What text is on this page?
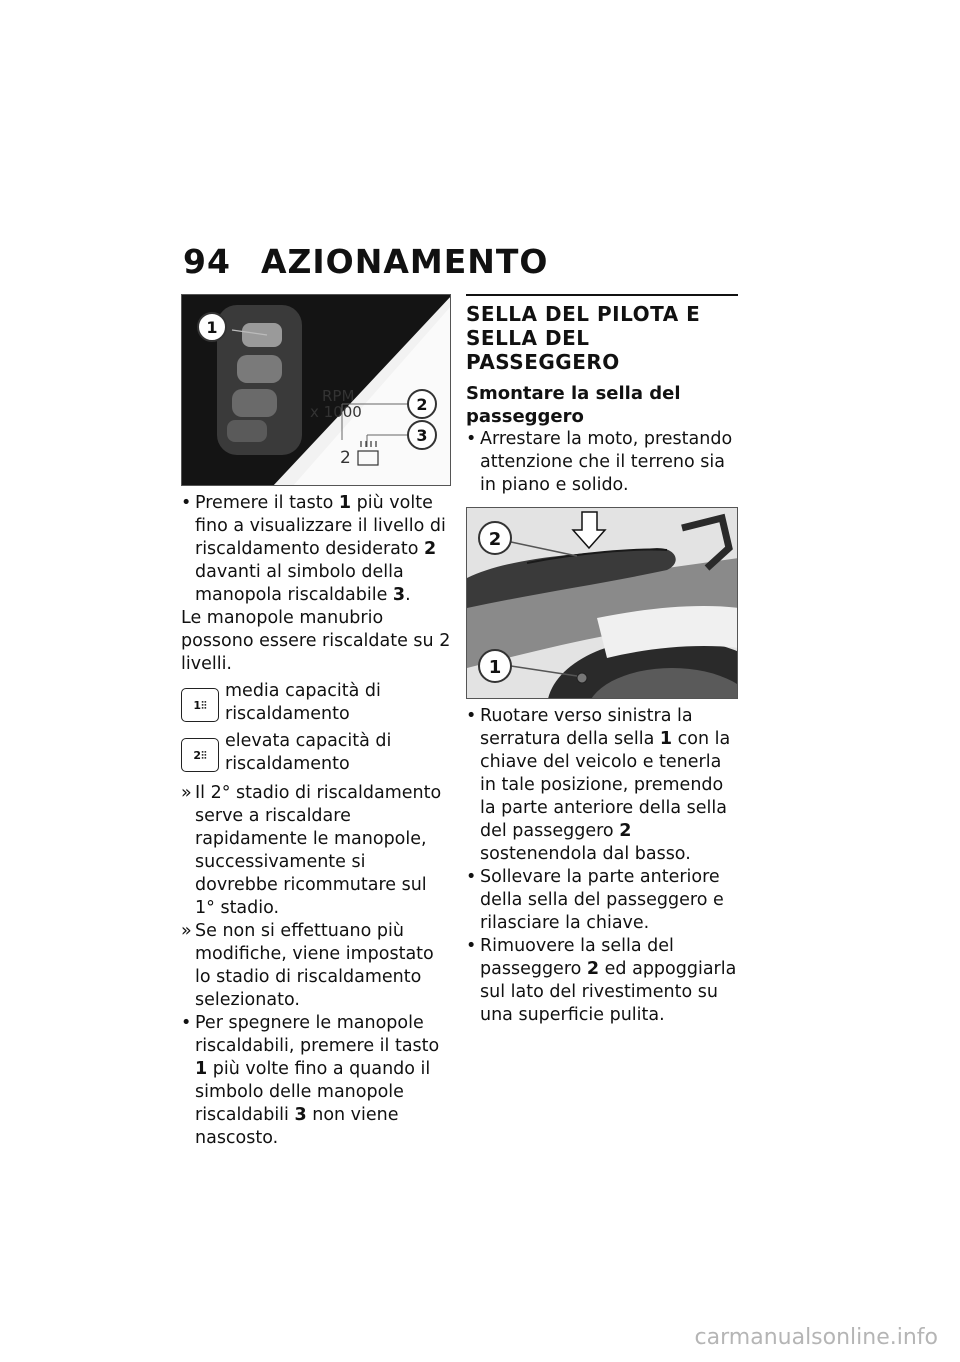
94 AZIONAMENTO
RPM
x 1000
2
1
2
3

• Premere il tasto 1 più volte fino a visualizzare il livello di riscaldamento desiderato 2 davanti al simbolo della manopola riscaldabile 3.

Le manopole manubrio possono essere riscaldate su 2 livelli.

1 ⫶⫶
media capacità di riscaldamento
2 ⫶⫶
elevata capacità di riscaldamento

» Il 2° stadio di riscaldamento serve a riscaldare rapidamente le manopole, successivamente si dovrebbe ricommutare sul 1° stadio.

» Se non si effettuano più modifiche, viene impostato lo stadio di riscaldamento selezionato.

• Per spegnere le manopole riscaldabili, premere il tasto 1 più volte fino a quando il simbolo delle manopole riscaldabili 3 non viene nascosto.

SELLA DEL PILOTA E SELLA DEL PASSEGGERO

Smontare la sella del passeggero

• Arrestare la moto, prestando attenzione che il terreno sia in piano e solido.

2
1

• Ruotare verso sinistra la serratura della sella 1 con la chiave del veicolo e tenerla in tale posizione, premendo la parte anteriore della sella del passeggero 2 sostenendola dal basso.

• Sollevare la parte anteriore della sella del passeggero e rilasciare la chiave.

• Rimuovere la sella del passeggero 2 ed appoggiarla sul lato del rivestimento su una superficie pulita.

carmanualsonline.info
